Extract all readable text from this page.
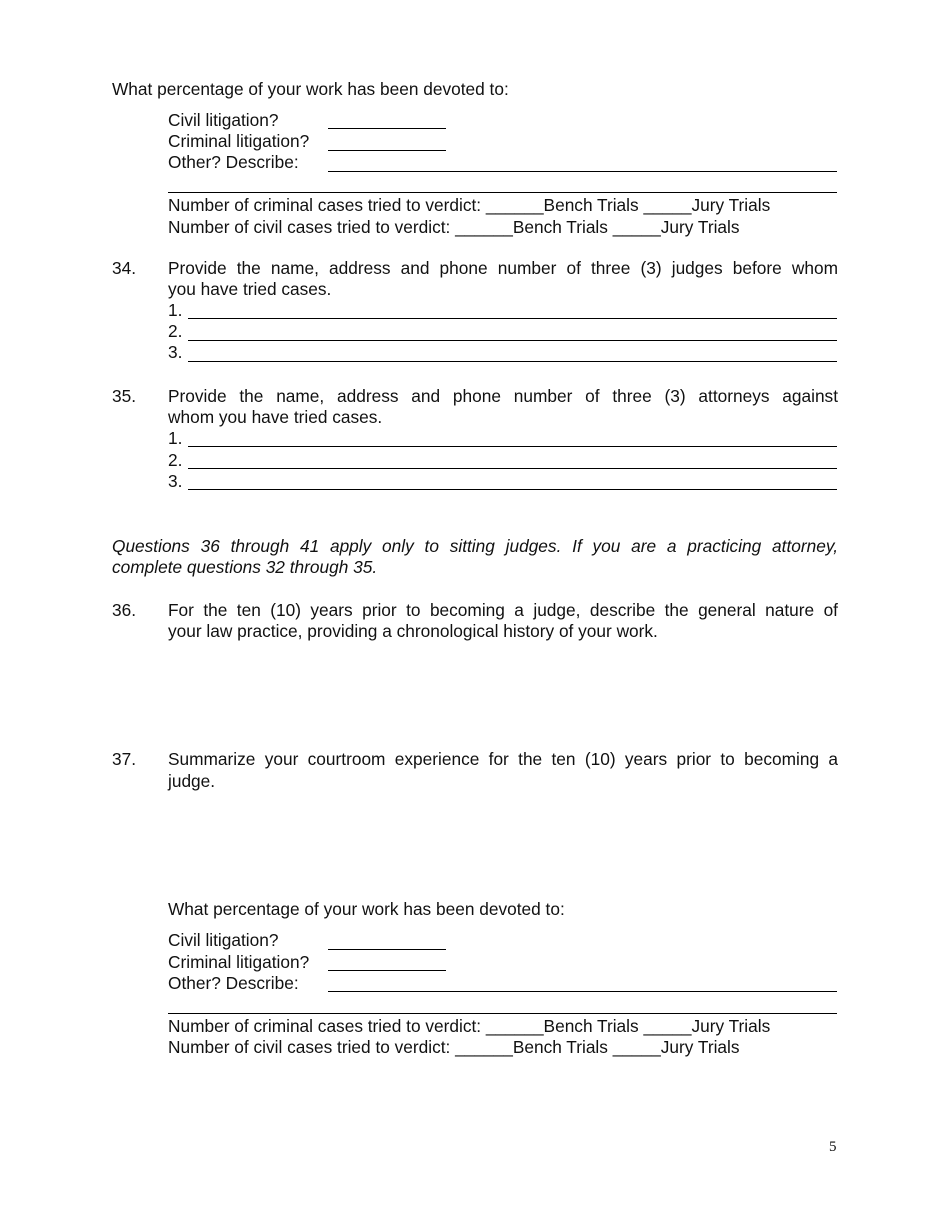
What percentage of your work has been devoted to:
Civil litigation?
Criminal litigation?
Other? Describe:
Number of criminal cases tried to verdict: ______Bench Trials _____Jury Trials
Number of civil cases tried to verdict: ______Bench Trials _____Jury Trials
34. Provide the name, address and phone number of three (3) judges before whom
you have tried cases.
1.
2.
3.
35. Provide the name, address and phone number of three (3) attorneys against
whom you have tried cases.
1.
2.
3.
Questions 36 through 41 apply only to sitting judges. If you are a practicing attorney,
complete questions 32 through 35.
36. For the ten (10) years prior to becoming a judge, describe the general nature of
your law practice, providing a chronological history of your work.
37. Summarize your courtroom experience for the ten (10) years prior to becoming a
judge.
What percentage of your work has been devoted to:
Civil litigation?
Criminal litigation?
Other? Describe:
Number of criminal cases tried to verdict: ______Bench Trials _____Jury Trials
Number of civil cases tried to verdict: ______Bench Trials _____Jury Trials
5
